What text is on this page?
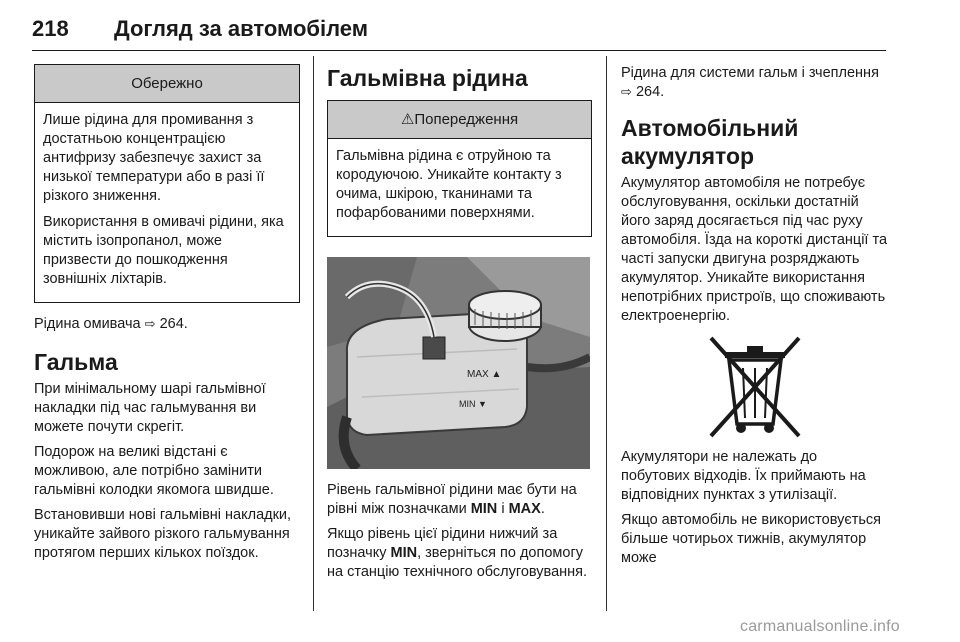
218 Догляд за автомобілем
Обережно

Лише рідина для промивання з достатньою концентрацією антифризу забезпечує захист за низької температури або в разі її різкого зниження.

Використання в омивачі рідини, яка містить ізопропанол, може призвести до пошкодження зовнішніх ліхтарів.

Рідина омивача ⇨ 264.

Гальма

При мінімальному шарі гальмівної накладки під час гальмування ви можете почути скрегіт.

Подорож на великі відстані є можливою, але потрібно замінити гальмівні колодки якомога швидше.

Встановивши нові гальмівні накладки, уникайте зайвого різкого гальмування протягом перших кількох поїздок.

Гальмівна рідина
⚠Попередження

Гальмівна рідина є отруйною та кородуючою. Уникайте контакту з очима, шкірою, тканинами та пофарбованими поверхнями.

MAX ▲
MIN ▼

Рівень гальмівної рідини має бути на рівні між позначками MIN і MAX.

Якщо рівень цієї рідини нижчий за позначку MIN, зверніться по допомогу на станцію технічного обслуговування.

Рідина для системи гальм і зчеплення ⇨ 264.

Автомобільний акумулятор

Акумулятор автомобіля не потребує обслуговування, оскільки достатній його заряд досягається під час руху автомобіля. Їзда на короткі дистанції та часті запуски двигуна розряджають акумулятор. Уникайте використання непотрібних пристроїв, що споживають електроенергію.

Акумулятори не належать до побутових відходів. Їх приймають на відповідних пунктах з утилізації.

Якщо автомобіль не використовується більше чотирьох тижнів, акумулятор може

carmanualsonline.info
